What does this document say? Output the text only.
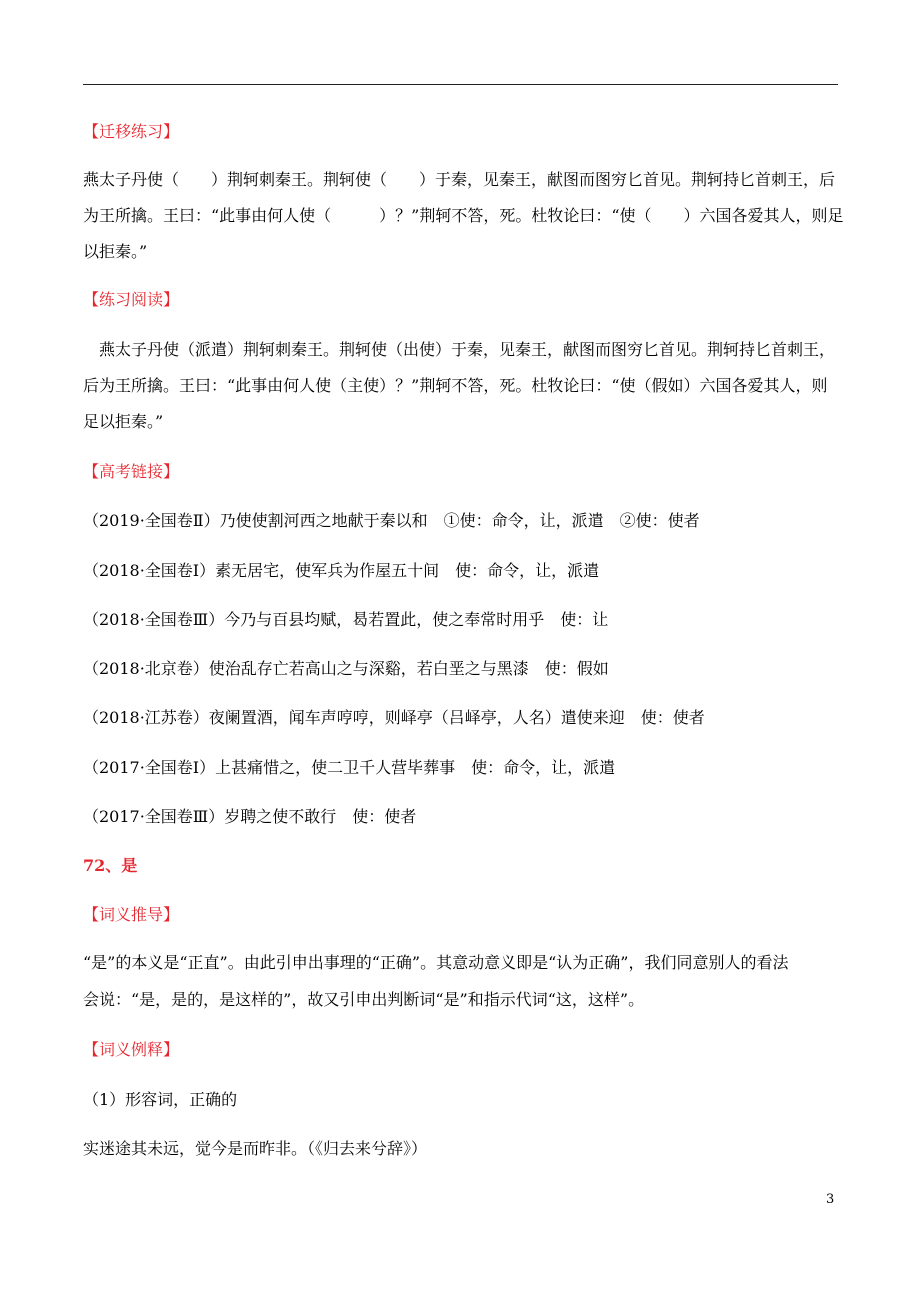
【迁移练习】
燕太子丹使（　　）荆轲刺秦王。荆轲使（　　）于秦，见秦王，献图而图穷匕首见。荆轲持匕首刺王，后
为王所擒。王曰：“此事由何人使（　　　）？”荆轲不答，死。杜牧论曰：“使（　　）六国各爱其人，则足
以拒秦。”
【练习阅读】
　燕太子丹使（派遣）荆轲刺秦王。荆轲使（出使）于秦，见秦王，献图而图穷匕首见。荆轲持匕首刺王，
后为王所擒。王曰：“此事由何人使（主使）？”荆轲不答，死。杜牧论曰：“使（假如）六国各爱其人，则
足以拒秦。”
【高考链接】
（2019·全国卷Ⅱ）乃使使割河西之地献于秦以和　①使：命令，让，派遣　②使：使者
（2018·全国卷Ⅰ）素无居宅，使军兵为作屋五十间　使：命令，让，派遣
（2018·全国卷Ⅲ）今乃与百县均赋，曷若置此，使之奉常时用乎　使：让
（2018·北京卷）使治乱存亡若高山之与深谿，若白垩之与黑漆　使：假如
（2018·江苏卷）夜阑置酒，闻车声哼哼，则峄亭（吕峄亭，人名）遣使来迎　使：使者
（2017·全国卷Ⅰ）上甚痛惜之，使二卫千人营毕葬事　使：命令，让，派遣
（2017·全国卷Ⅲ）岁聘之使不敢行　使：使者
72、是
【词义推导】
“是”的本义是“正直”。由此引申出事理的“正确”。其意动意义即是“认为正确”，我们同意别人的看法
会说：“是，是的，是这样的”，故又引申出判断词“是”和指示代词“这，这样”。
【词义例释】
（1）形容词，正确的
实迷途其未远，觉今是而昨非。（《归去来兮辞》）
3
